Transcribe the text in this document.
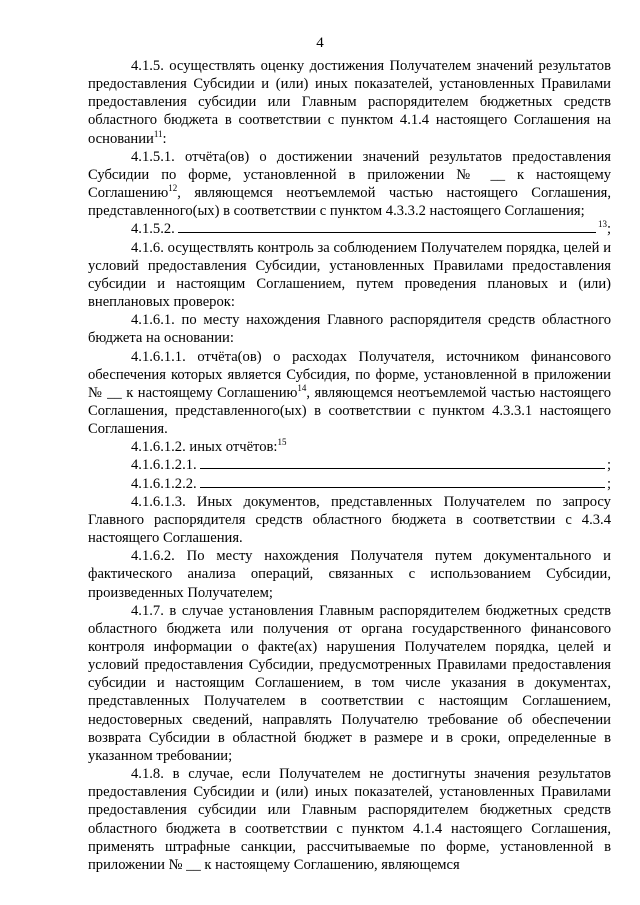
4

4.1.5. осуществлять оценку достижения Получателем значений результатов предоставления Субсидии и (или) иных показателей, установленных Правилами предоставления субсидии или Главным распорядителем бюджетных средств областного бюджета в соответствии с пунктом 4.1.4 настоящего Соглашения на основании$^{11}$:

4.1.5.1. отчёта(ов) о достижении значений результатов предоставления Субсидии по форме, установленной в приложении № __ к настоящему Соглашению$^{12}$, являющемся неотъемлемой частью настоящего Соглашения, представленного(ых) в соответствии с пунктом 4.3.3.2 настоящего Соглашения;

4.1.5.2.	$^{13}$;

4.1.6. осуществлять контроль за соблюдением Получателем порядка, целей и условий предоставления Субсидии, установленных Правилами предоставления субсидии и настоящим Соглашением, путем проведения плановых и (или) внеплановых проверок:

4.1.6.1. по месту нахождения Главного распорядителя средств областного бюджета на основании:

4.1.6.1.1. отчёта(ов) о расходах Получателя, источником финансового обеспечения которых является Субсидия, по форме, установленной в приложении № __ к настоящему Соглашению$^{14}$, являющемся неотъемлемой частью настоящего Соглашения, представленного(ых) в соответствии с пунктом 4.3.3.1 настоящего Соглашения.

4.1.6.1.2. иных отчётов:$^{15}$

4.1.6.1.2.1.	;
4.1.6.1.2.2.	;

4.1.6.1.3. Иных документов, представленных Получателем по запросу Главного распорядителя средств областного бюджета в соответствии с 4.3.4 настоящего Соглашения.

4.1.6.2. По месту нахождения Получателя путем документального и фактического анализа операций, связанных с использованием Субсидии, произведенных Получателем;

4.1.7. в случае установления Главным распорядителем бюджетных средств областного бюджета или получения от органа государственного финансового контроля информации о факте(ах) нарушения Получателем порядка, целей и условий предоставления Субсидии, предусмотренных Правилами предоставления субсидии и настоящим Соглашением, в том числе указания в документах, представленных Получателем в соответствии с настоящим Соглашением, недостоверных сведений, направлять Получателю требование об обеспечении возврата Субсидии в областной бюджет в размере и в сроки, определенные в указанном требовании;

4.1.8. в случае, если Получателем не достигнуты значения результатов предоставления Субсидии и (или) иных показателей, установленных Правилами предоставления субсидии или Главным распорядителем бюджетных средств областного бюджета в соответствии с пунктом 4.1.4 настоящего Соглашения, применять штрафные санкции, рассчитываемые по форме, установленной в приложении № __ к настоящему Соглашению, являющемся
